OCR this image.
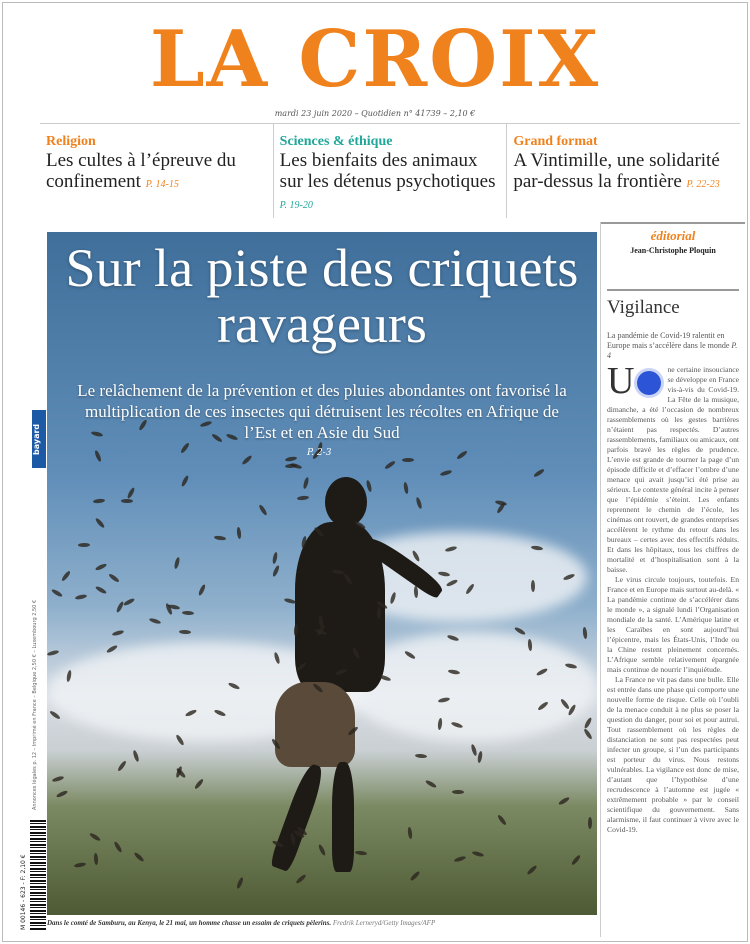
LA CROIX
mardi 23 juin 2020 – Quotidien n° 41739 – 2,10 €
Religion
Les cultes à l’épreuve du confinement P. 14-15
Sciences & éthique
Les bienfaits des animaux sur les détenus psychotiques P. 19-20
Grand format
A Vintimille, une solidarité par-dessus la frontière P. 22-23
bayard
Annonces légales p. 12 – Imprimé en France – Belgique 2,50 € – Luxembourg 2,50 €
M 00146 - 623 - F: 2,10 €
Sur la piste des criquets ravageurs
Le relâchement de la prévention et des pluies abondantes ont favorisé la multiplication de ces insectes qui détruisent les récoltes en Afrique de l’Est et en Asie du Sud
P. 2-3
Dans le comté de Samburu, au Kenya, le 21 mai, un homme chasse un essaim de criquets pèlerins. Fredrik Lerneryd/Getty Images/AFP
éditorial
Jean-Christophe Ploquin
Vigilance
La pandémie de Covid-19 ralentit en Europe mais s’accélère dans le monde P. 4

U	ne certaine insouciance se développe en France vis-à-vis du Covid-19. La Fête de la musique, dimanche, a été l’occasion de nombreux rassemblements où les gestes barrières n’étaient pas respectés. D’autres rassemblements, familiaux ou amicaux, ont parfois bravé les règles de prudence. L’envie est grande de tourner la page d’un épisode difficile et d’effacer l’ombre d’une menace qui avait jusqu’ici été prise au sérieux. Le contexte général incite à penser que l’épidémie s’éteint. Les enfants reprennent le chemin de l’école, les cinémas ont rouvert, de grandes entreprises accélèrent le rythme du retour dans les bureaux – certes avec des effectifs réduits. Et dans les hôpitaux, tous les chiffres de mortalité et d’hospitalisation sont à la baisse.

Le virus circule toujours, toutefois. En France et en Europe mais surtout au-delà. « La pandémie continue de s’accélérer dans le monde », a signalé lundi l’Organisation mondiale de la santé. L’Amérique latine et les Caraïbes en sont aujourd’hui l’épicentre, mais les États-Unis, l’Inde ou la Chine restent pleinement concernés. L’Afrique semble relativement épargnée mais continue de nourrir l’inquiétude.

La France ne vit pas dans une bulle. Elle est entrée dans une phase qui comporte une nouvelle forme de risque. Celle où l’oubli de la menace conduit à ne plus se poser la question du danger, pour soi et pour autrui. Tout rassemblement où les règles de distanciation ne sont pas respectées peut infecter un groupe, si l’un des participants est porteur du virus. Nous restons vulnérables. La vigilance est donc de mise, d’autant que l’hypothèse d’une recrudescence à l’automne est jugée « extrêmement probable » par le conseil scientifique du gouvernement. Sans alarmisme, il faut continuer à vivre avec le Covid-19.
